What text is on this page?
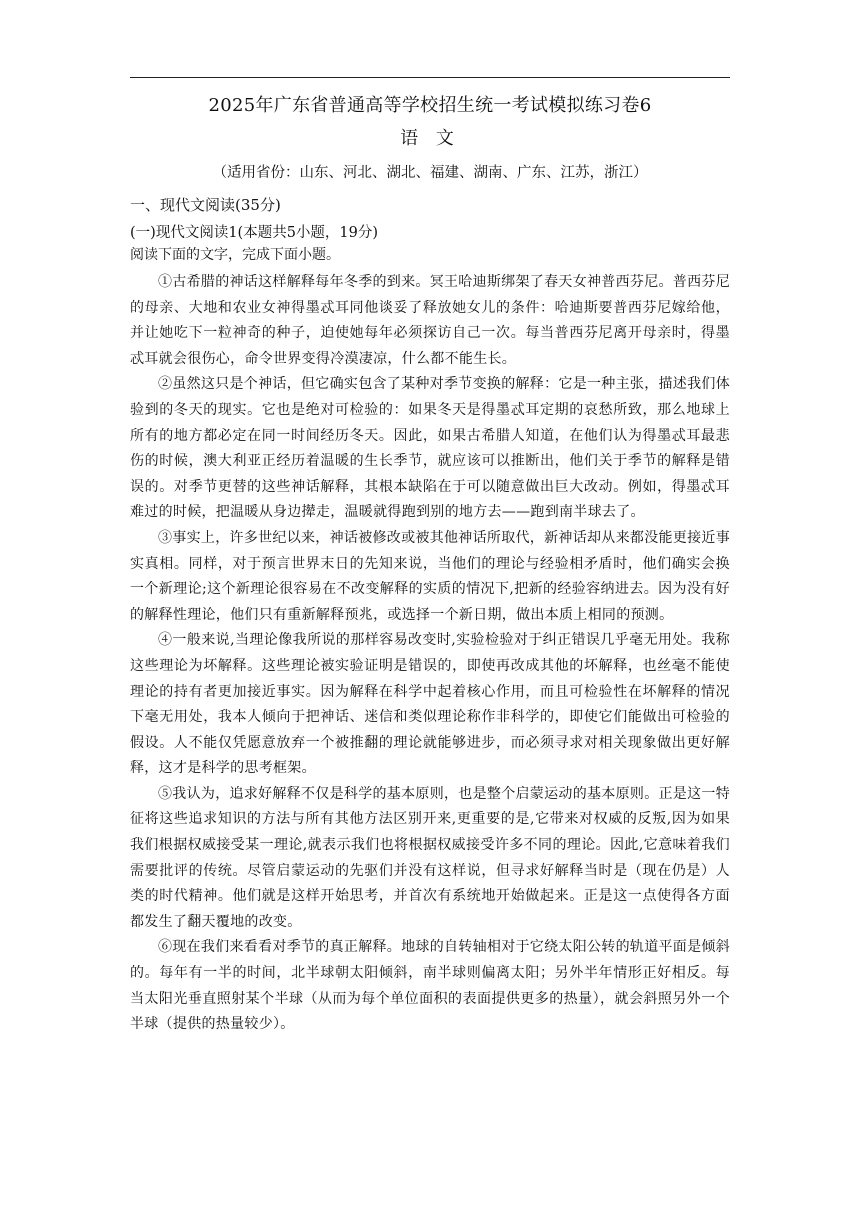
2025年广东省普通高等学校招生统一考试模拟练习卷6
语 文
（适用省份：山东、河北、湖北、福建、湖南、广东、江苏，浙江）
一、现代文阅读(35分)
(一)现代文阅读1(本题共5小题，19分)
阅读下面的文字，完成下面小题。

①古希腊的神话这样解释每年冬季的到来。冥王哈迪斯绑架了春天女神普西芬尼。普西芬尼的母亲、大地和农业女神得墨忒耳同他谈妥了释放她女儿的条件：哈迪斯要普西芬尼嫁给他，并让她吃下一粒神奇的种子，迫使她每年必须探访自己一次。每当普西芬尼离开母亲时，得墨忒耳就会很伤心，命令世界变得冷漠凄凉，什么都不能生长。

②虽然这只是个神话，但它确实包含了某种对季节变换的解释：它是一种主张，描述我们体验到的冬天的现实。它也是绝对可检验的：如果冬天是得墨忒耳定期的哀愁所致，那么地球上所有的地方都必定在同一时间经历冬天。因此，如果古希腊人知道，在他们认为得墨忒耳最悲伤的时候，澳大利亚正经历着温暖的生长季节，就应该可以推断出，他们关于季节的解释是错误的。对季节更替的这些神话解释，其根本缺陷在于可以随意做出巨大改动。例如，得墨忒耳难过的时候，把温暖从身边撵走，温暖就得跑到别的地方去——跑到南半球去了。

③事实上，许多世纪以来，神话被修改或被其他神话所取代，新神话却从来都没能更接近事实真相。同样，对于预言世界末日的先知来说，当他们的理论与经验相矛盾时，他们确实会换一个新理论;这个新理论很容易在不改变解释的实质的情况下,把新的经验容纳进去。因为没有好的解释性理论，他们只有重新解释预兆，或选择一个新日期，做出本质上相同的预测。

④一般来说,当理论像我所说的那样容易改变时,实验检验对于纠正错误几乎毫无用处。我称这些理论为坏解释。这些理论被实验证明是错误的，即使再改成其他的坏解释，也丝毫不能使理论的持有者更加接近事实。因为解释在科学中起着核心作用，而且可检验性在坏解释的情况下毫无用处，我本人倾向于把神话、迷信和类似理论称作非科学的，即使它们能做出可检验的假设。人不能仅凭愿意放弃一个被推翻的理论就能够进步，而必须寻求对相关现象做出更好解释，这才是科学的思考框架。

⑤我认为，追求好解释不仅是科学的基本原则，也是整个启蒙运动的基本原则。正是这一特征将这些追求知识的方法与所有其他方法区别开来,更重要的是,它带来对权威的反叛,因为如果我们根据权威接受某一理论,就表示我们也将根据权威接受许多不同的理论。因此,它意味着我们需要批评的传统。尽管启蒙运动的先驱们并没有这样说，但寻求好解释当时是（现在仍是）人类的时代精神。他们就是这样开始思考，并首次有系统地开始做起来。正是这一点使得各方面都发生了翻天覆地的改变。

⑥现在我们来看看对季节的真正解释。地球的自转轴相对于它绕太阳公转的轨道平面是倾斜的。每年有一半的时间，北半球朝太阳倾斜，南半球则偏离太阳；另外半年情形正好相反。每当太阳光垂直照射某个半球（从而为每个单位面积的表面提供更多的热量），就会斜照另外一个半球（提供的热量较少）。
